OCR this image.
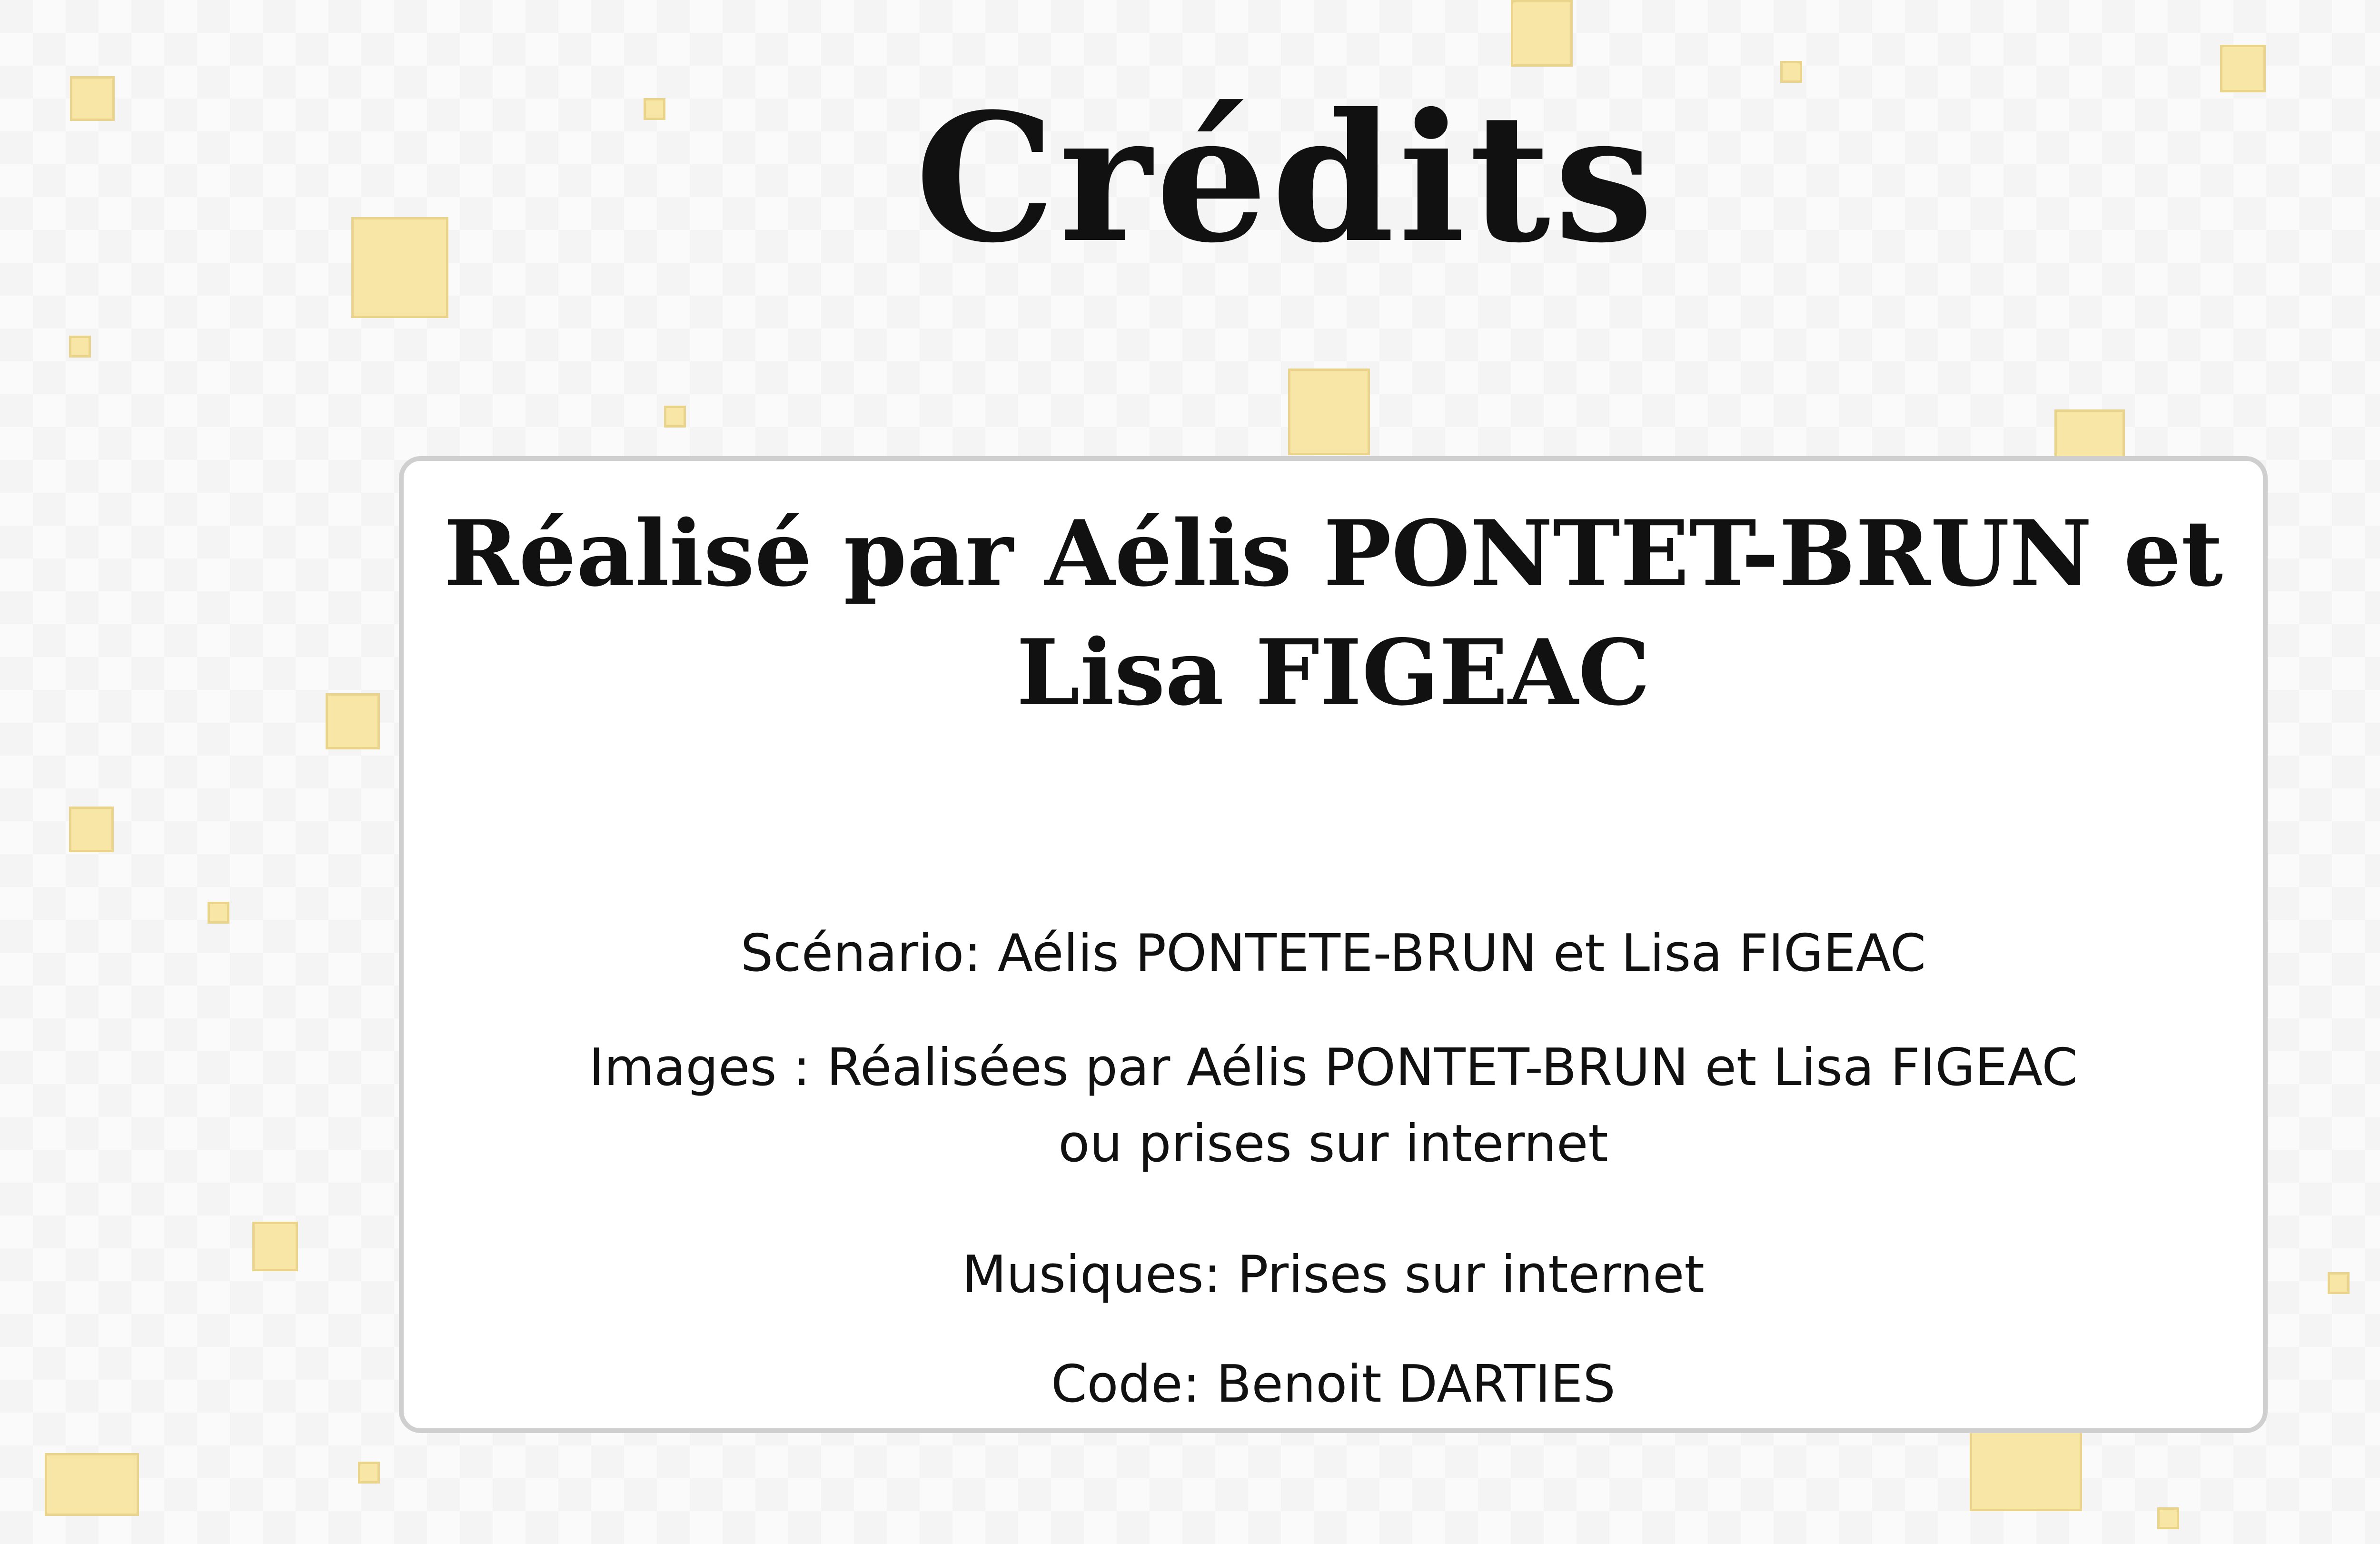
Crédits
Réalisé par Aélis PONTET-BRUN et Lisa FIGEAC
Scénario: Aélis PONTETE-BRUN et Lisa FIGEAC
Images : Réalisées par Aélis PONTET-BRUN et Lisa FIGEAC ou prises sur internet
Musiques: Prises sur internet
Code: Benoit DARTIES
